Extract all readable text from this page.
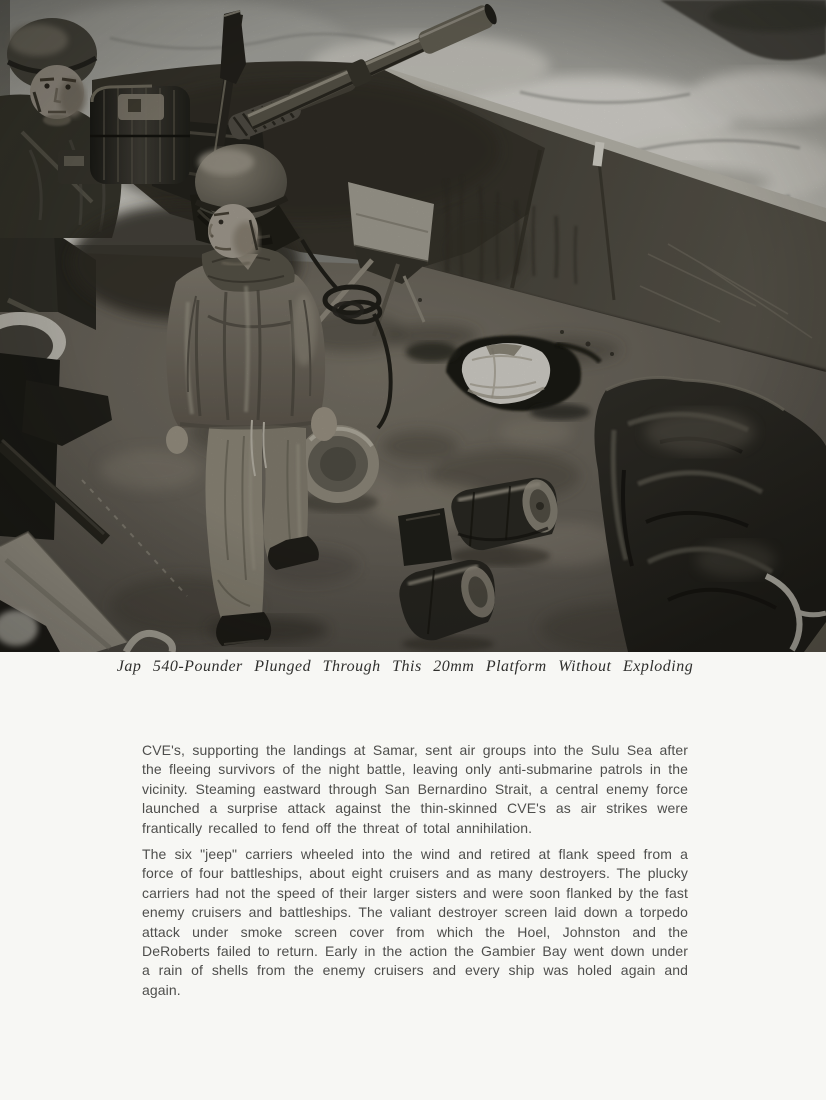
Jap 540-Pounder Plunged Through This 20mm Platform Without Exploding

CVE's, supporting the landings at Samar, sent air groups into the Sulu Sea after the fleeing survivors of the night battle, leaving only anti-submarine patrols in the vicinity. Steaming eastward through San Bernardino Strait, a central enemy force launched a surprise attack against the thin-skinned CVE's as air strikes were frantically recalled to fend off the threat of total annihilation.

The six "jeep" carriers wheeled into the wind and retired at flank speed from a force of four battleships, about eight cruisers and as many destroyers. The plucky carriers had not the speed of their larger sisters and were soon flanked by the fast enemy cruisers and battleships. The valiant destroyer screen laid down a torpedo attack under smoke screen cover from which the Hoel, Johnston and the DeRoberts failed to return. Early in the action the Gambier Bay went down under a rain of shells from the enemy cruisers and every ship was holed again and again.
